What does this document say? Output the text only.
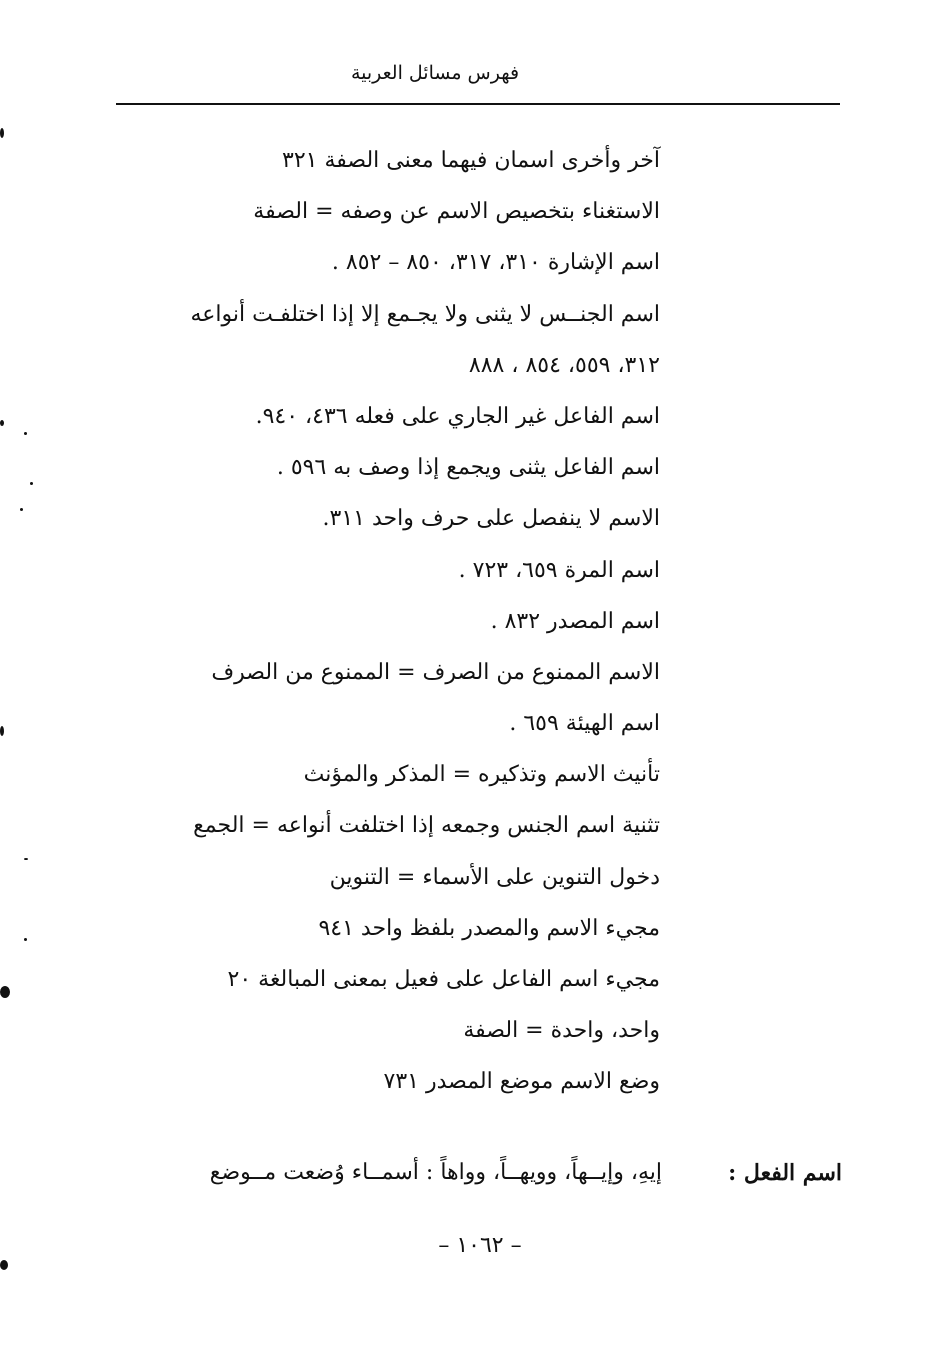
فهرس مسائل العربية
آخر وأخرى اسمان فيهما معنى الصفة ٣٢١
الاستغناء بتخصيص الاسم عن وصفه = الصفة
اسم الإشارة ٣١٠، ٣١٧، ٨٥٠ – ٨٥٢ .
اسم الجنــس لا يثنى ولا يجـمع إلا إذا اختلفـت أنواعه
٣١٢، ٥٥٩، ٨٥٤ ، ٨٨٨
اسم الفاعل غير الجاري على فعله ٤٣٦، ٩٤٠.
اسم الفاعل يثنى ويجمع إذا وصف به ٥٩٦ .
الاسم لا ينفصل على حرف واحد ٣١١.
اسم المرة ٦٥٩، ٧٢٣ .
اسم المصدر ٨٣٢ .
الاسم الممنوع من الصرف = الممنوع من الصرف
اسم الهيئة ٦٥٩ .
تأنيث الاسم وتذكيره = المذكر والمؤنث
تثنية اسم الجنس وجمعه إذا اختلفت أنواعه = الجمع
دخول التنوين على الأسماء = التنوين
مجيء الاسم والمصدر بلفظ واحد ٩٤١
مجيء اسم الفاعل على فعيل بمعنى المبالغة ٢٠
واحد، واحدة = الصفة
وضع الاسم موضع المصدر ٧٣١
اسم الفعل :
إيهِ، وإيــهاً، وويهــاً، وواهاً : أسمــاء وُضعت مــوضع
– ١٠٦٢ –
